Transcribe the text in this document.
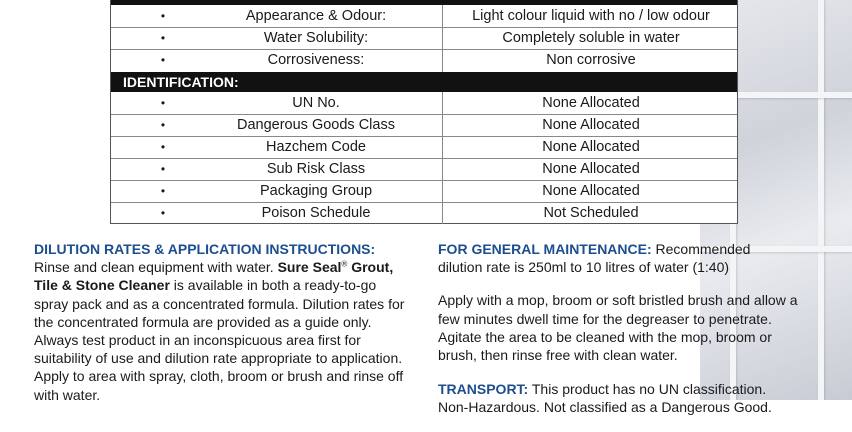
•	Appearance & Odour:	Light colour liquid with no / low odour
•	Water Solubility:	Completely soluble in water
•	Corrosiveness:	Non corrosive
IDENTIFICATION:
•	UN No.	None Allocated
•	Dangerous Goods Class	None Allocated
•	Hazchem Code	None Allocated
•	Sub Risk Class	None Allocated
•	Packaging Group	None Allocated
•	Poison Schedule	Not Scheduled

DILUTION RATES & APPLICATION INSTRUCTIONS:
Rinse and clean equipment with water. Sure Seal® Grout, Tile & Stone Cleaner is available in both a ready-to-go spray pack and as a concentrated formula. Dilution rates for the concentrated formula are provided as a guide only. Always test product in an inconspicuous area first for suitability of use and dilution rate appropriate to application. Apply to area with spray, cloth, broom or brush and rinse off with water.

FOR GENERAL MAINTENANCE: Recommended dilution rate is 250ml to 10 litres of water (1:40)

Apply with a mop, broom or soft bristled brush and allow a few minutes dwell time for the degreaser to penetrate. Agitate the area to be cleaned with the mop, broom or brush, then rinse free with clean water.

TRANSPORT: This product has no UN classification.
Non-Hazardous. Not classified as a Dangerous Good.
